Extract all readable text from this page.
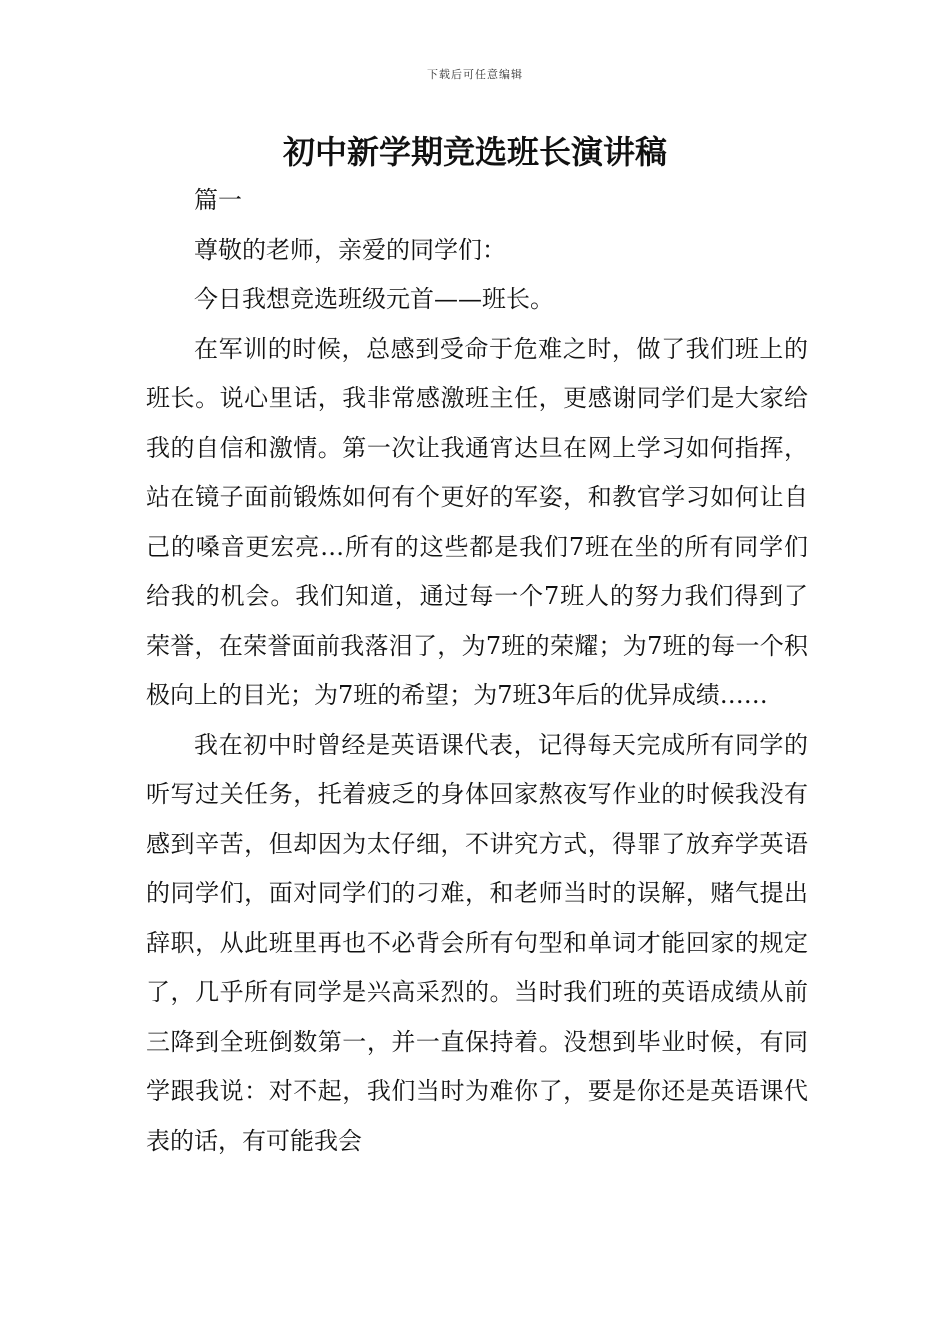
下载后可任意编辑
初中新学期竞选班长演讲稿

篇一

尊敬的老师，亲爱的同学们：

今日我想竞选班级元首——班长。

在军训的时候，总感到受命于危难之时，做了我们班上的班长。说心里话，我非常感激班主任，更感谢同学们是大家给我的自信和激情。第一次让我通宵达旦在网上学习如何指挥，站在镜子面前锻炼如何有个更好的军姿，和教官学习如何让自己的嗓音更宏亮…所有的这些都是我们7班在坐的所有同学们给我的机会。我们知道，通过每一个7班人的努力我们得到了荣誉，在荣誉面前我落泪了，为7班的荣耀；为7班的每一个积极向上的目光；为7班的希望；为7班3年后的优异成绩……

我在初中时曾经是英语课代表，记得每天完成所有同学的听写过关任务，托着疲乏的身体回家熬夜写作业的时候我没有感到辛苦，但却因为太仔细，不讲究方式，得罪了放弃学英语的同学们，面对同学们的刁难，和老师当时的误解，赌气提出辞职，从此班里再也不必背会所有句型和单词才能回家的规定了，几乎所有同学是兴高采烈的。当时我们班的英语成绩从前三降到全班倒数第一，并一直保持着。没想到毕业时候，有同学跟我说：对不起，我们当时为难你了，要是你还是英语课代表的话，有可能我会
